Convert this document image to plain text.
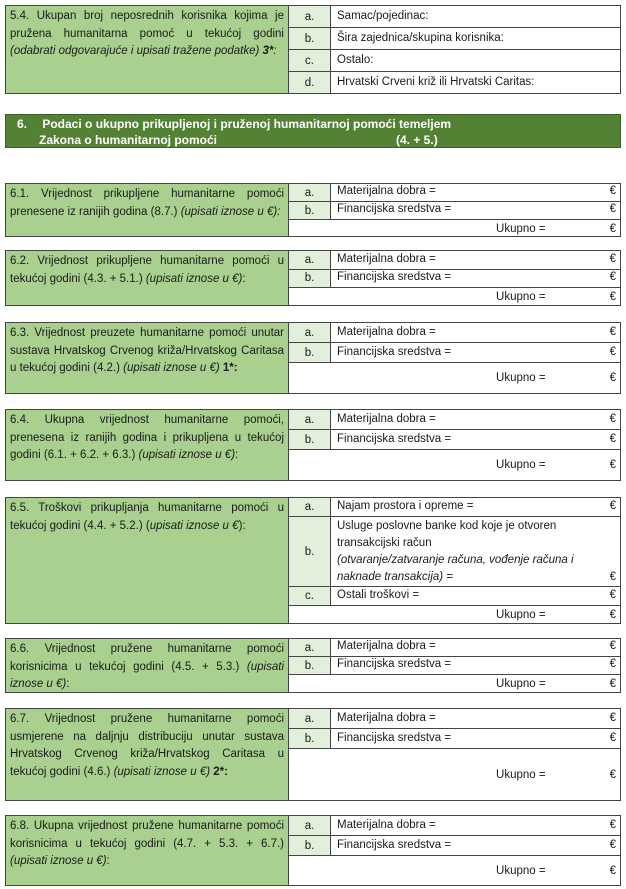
5.4. Ukupan broj neposrednih korisnika kojima je pružena humanitarna pomoć u tekućoj godini (odabrati odgovarajuće i upisati tražene podatke) 3*:
a.	Samac/pojedinac:
b.	Šira zajednica/skupina korisnika:
c.	Ostalo:
d.	Hrvatski Crveni križ ili Hrvatski Caritas:
6. Podaci o ukupno prikupljenoj i pruženoj humanitarnoj pomoći temeljem
Zakona o humanitarnoj pomoći	(4. + 5.)
6.1. Vrijednost prikupljene humanitarne pomoći prenesene iz ranijih godina (8.7.) (upisati iznose u €):
a.	Materijalna dobra =	€
b.	Financijska sredstva =	€
Ukupno =	€
6.2. Vrijednost prikupljene humanitarne pomoći u tekućoj godini (4.3. + 5.1.) (upisati iznose u €):
a.	Materijalna dobra =	€
b.	Financijska sredstva =	€
Ukupno =	€
6.3. Vrijednost preuzete humanitarne pomoći unutar sustava Hrvatskog Crvenog križa/Hrvatskog Caritasa u tekućoj godini (4.2.) (upisati iznose u €) 1*:
a.	Materijalna dobra =	€
b.	Financijska sredstva =	€
Ukupno =	€
6.4. Ukupna vrijednost humanitarne pomoći, prenesena iz ranijih godina i prikupljena u tekućoj godini (6.1. + 6.2. + 6.3.) (upisati iznose u €):
a.	Materijalna dobra =	€
b.	Financijska sredstva =	€
Ukupno =	€
6.5. Troškovi prikupljanja humanitarne pomoći u tekućoj godini (4.4. + 5.2.) (upisati iznose u €):
a.	Najam prostora i opreme =	€
b.
Usluge poslovne banke kod koje je otvoren
transakcijski račun
(otvaranje/zatvaranje računa, vođenje računa i
naknade transakcija) =	€
c.	Ostali troškovi =	€
Ukupno =	€
6.6. Vrijednost pružene humanitarne pomoći korisnicima u tekućoj godini (4.5. + 5.3.) (upisati iznose u €):
a.	Materijalna dobra =	€
b.	Financijska sredstva =	€
Ukupno =	€
6.7. Vrijednost pružene humanitarne pomoći usmjerene na daljnju distribuciju unutar sustava Hrvatskog Crvenog križa/Hrvatskog Caritasa u tekućoj godini (4.6.) (upisati iznose u €) 2*:
a.	Materijalna dobra =	€
b.	Financijska sredstva =	€
Ukupno =	€
6.8. Ukupna vrijednost pružene humanitarne pomoći korisnicima u tekućoj godini (4.7. + 5.3. + 6.7.) (upisati iznose u €):
a.	Materijalna dobra =	€
b.	Financijska sredstva =	€
Ukupno =	€
